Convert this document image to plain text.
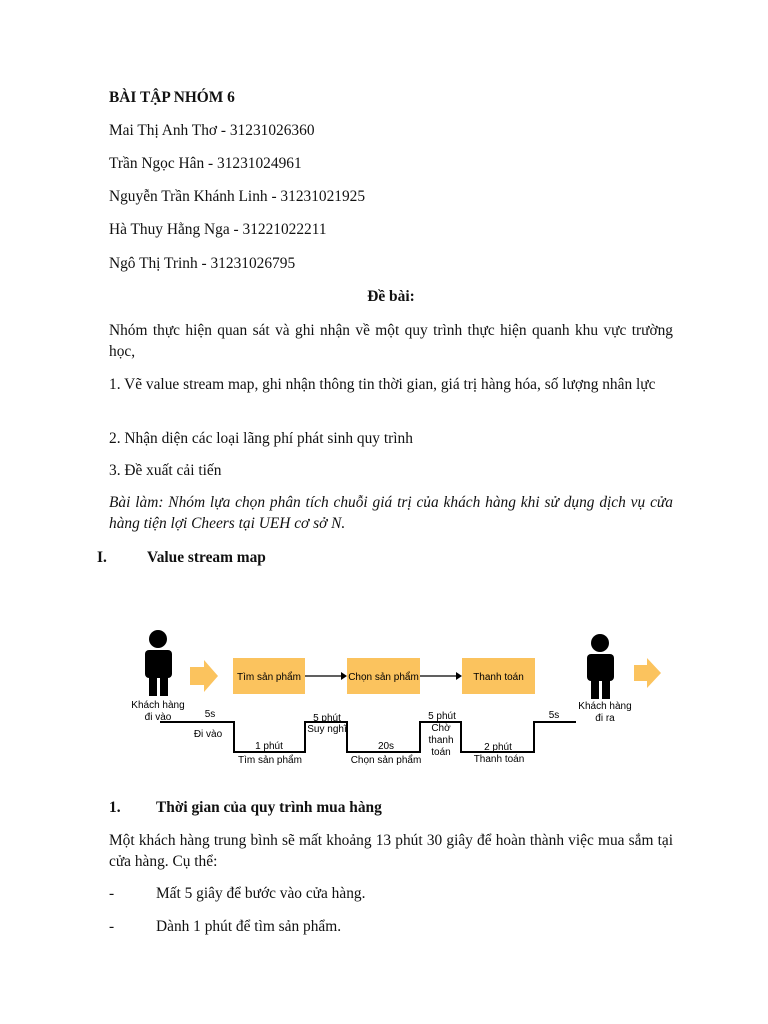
BÀI TẬP NHÓM 6
Mai Thị Anh Thơ - 31231026360
Trần Ngọc Hân - 31231024961
Nguyễn Trần Khánh Linh - 31231021925
Hà Thuy Hằng Nga - 31221022211
Ngô Thị Trinh - 31231026795
Đề bài:
Nhóm thực hiện quan sát và ghi nhận về một quy trình thực hiện quanh khu vực trường học,
1. Vẽ value stream map, ghi nhận thông tin thời gian, giá trị hàng hóa, số lượng nhân lực
2. Nhận diện các loại lãng phí phát sinh quy trình
3. Đề xuất cải tiến
Bài làm: Nhóm lựa chọn phân tích chuỗi giá trị của khách hàng khi sử dụng dịch vụ cửa hàng tiện lợi Cheers tại UEH cơ sở N.
I.	Value stream map
Khách hàng
đi vào
Tìm sản phẩm	Chọn sản phẩm	Thanh toán
Khách hàng
đi ra
5s
Đi vào
1 phút
Tìm sản phẩm
5 phút
Suy nghĩ
20s
Chọn sản phẩm
5 phút
Chờ
thanh
toán	2 phút
Thanh toán
5s
1. Thời gian của quy trình mua hàng
Một khách hàng trung bình sẽ mất khoảng 13 phút 30 giây để hoàn thành việc mua sắm tại cửa hàng. Cụ thể:
-	Mất 5 giây để bước vào cửa hàng.
-	Dành 1 phút để tìm sản phẩm.
